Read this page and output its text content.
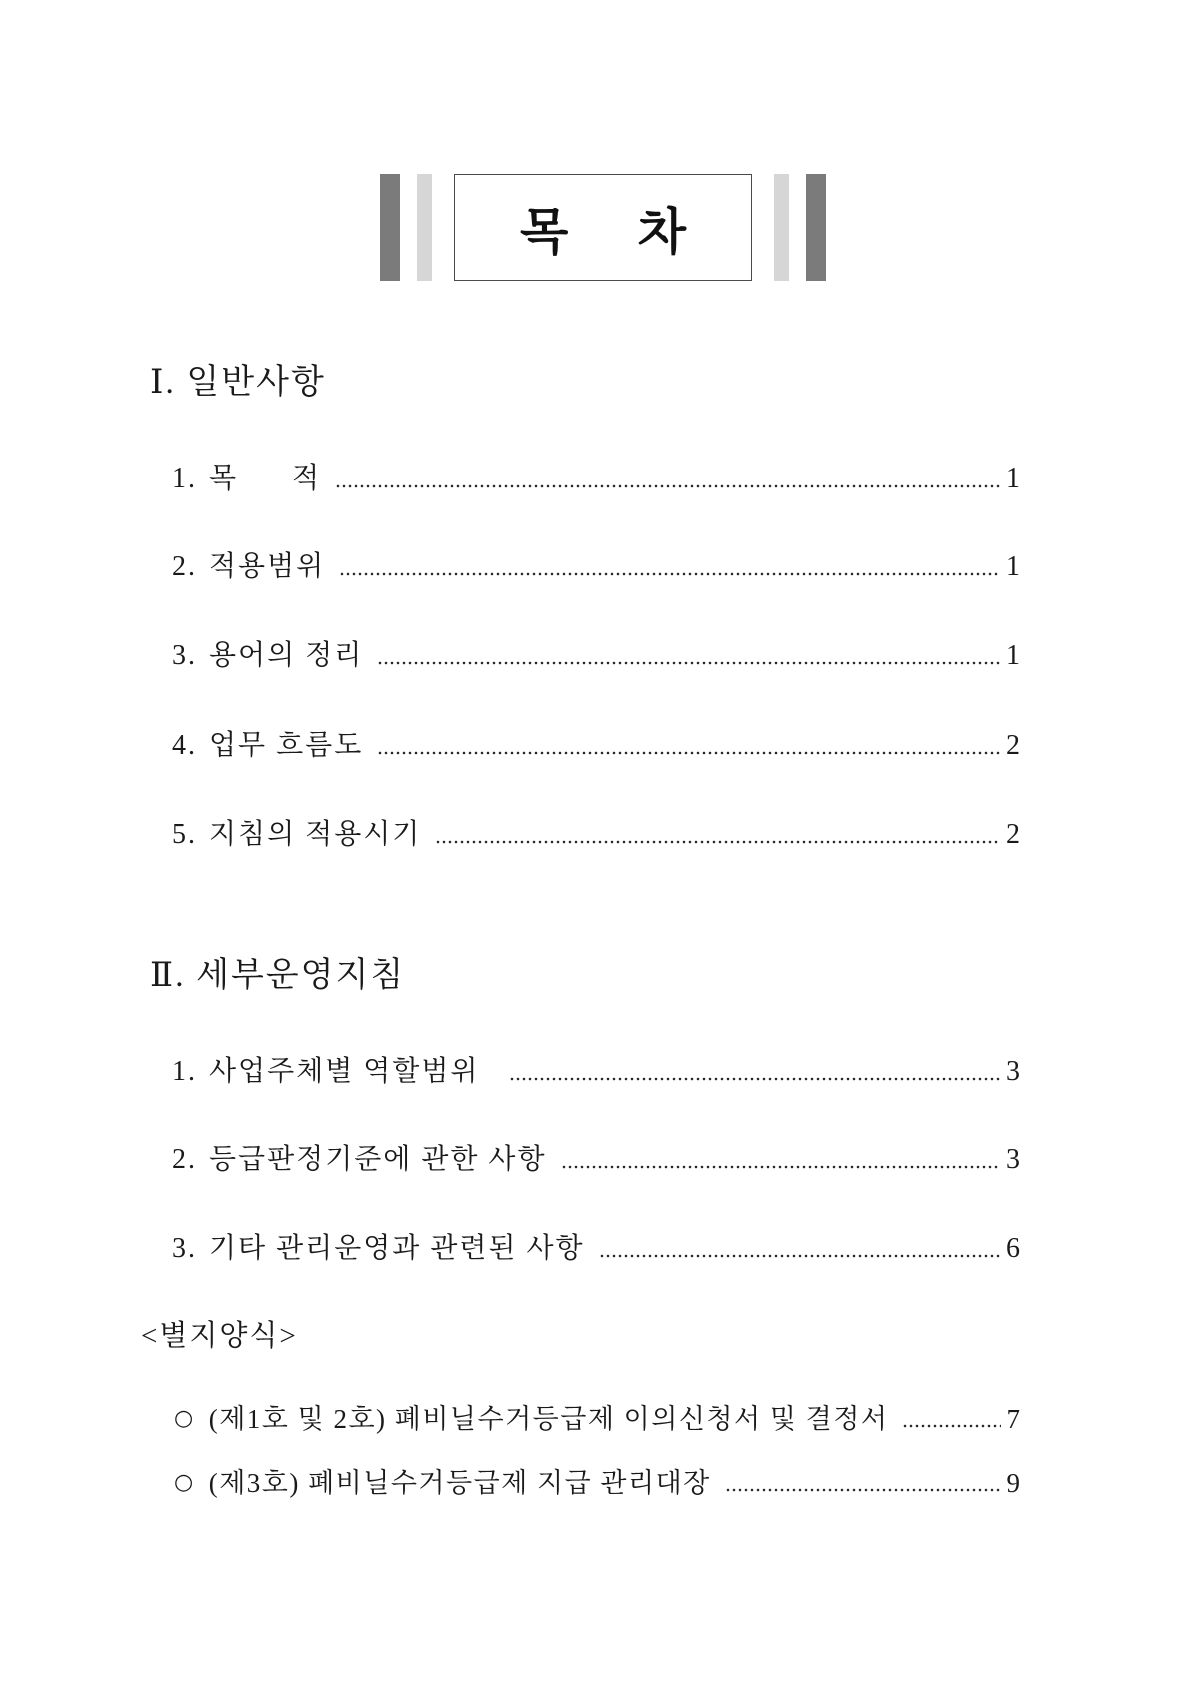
목 차
Ⅰ. 일반사항
1. 목      적	1
2. 적용범위	1
3. 용어의 정리	1
4. 업무 흐름도	2
5. 지침의 적용시기	2
Ⅱ. 세부운영지침
1. 사업주체별 역할범위	3
2. 등급판정기준에 관한 사항	3
3. 기타 관리운영과 관련된 사항	6
<별지양식>
○ (제1호 및 2호) 폐비닐수거등급제 이의신청서 및 결정서	7
○ (제3호) 폐비닐수거등급제 지급 관리대장	9
